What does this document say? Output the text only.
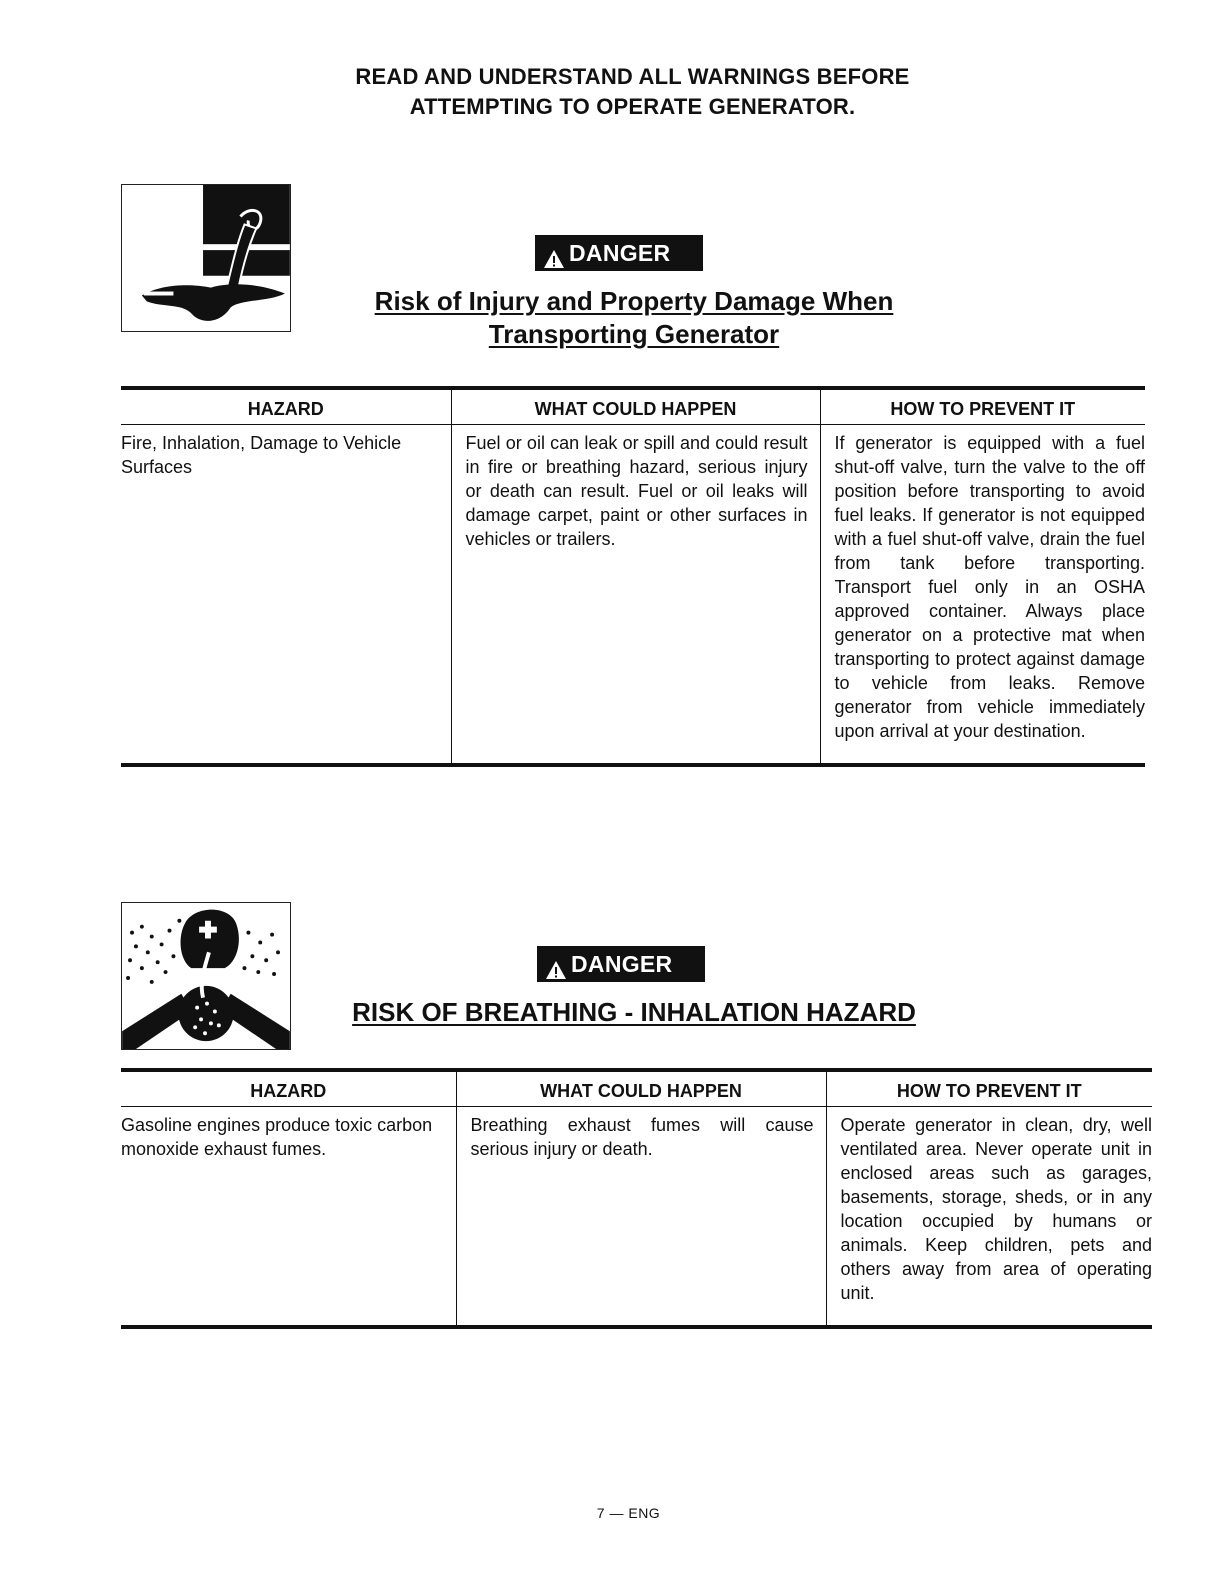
READ AND UNDERSTAND ALL WARNINGS BEFORE
ATTEMPTING TO OPERATE GENERATOR.
DANGER
Risk of Injury and Property Damage When
Transporting Generator
HAZARD	WHAT COULD HAPPEN	HOW TO PREVENT IT
Fire, Inhalation, Damage to Vehicle Surfaces	Fuel or oil can leak or spill and could result in fire or breathing hazard, serious injury or death can result. Fuel or oil leaks will damage carpet, paint or other surfaces in vehicles or trailers.	If generator is equipped with a fuel shut-off valve, turn the valve to the off position before transporting to avoid fuel leaks. If generator is not equipped with a fuel shut-off valve, drain the fuel from tank before transporting. Transport fuel only in an OSHA approved container. Always place generator on a protective mat when transporting to protect against damage to vehicle from leaks. Remove generator from vehicle immediately upon arrival at your destination.
DANGER
RISK OF BREATHING - INHALATION HAZARD
HAZARD	WHAT COULD HAPPEN	HOW TO PREVENT IT
Gasoline engines produce toxic carbon monoxide exhaust fumes.	Breathing exhaust fumes will cause serious injury or death.	Operate generator in clean, dry, well ventilated area. Never operate unit in enclosed areas such as garages, basements, storage, sheds, or in any location occupied by humans or animals. Keep children, pets and others away from area of operating unit.
7 — ENG
